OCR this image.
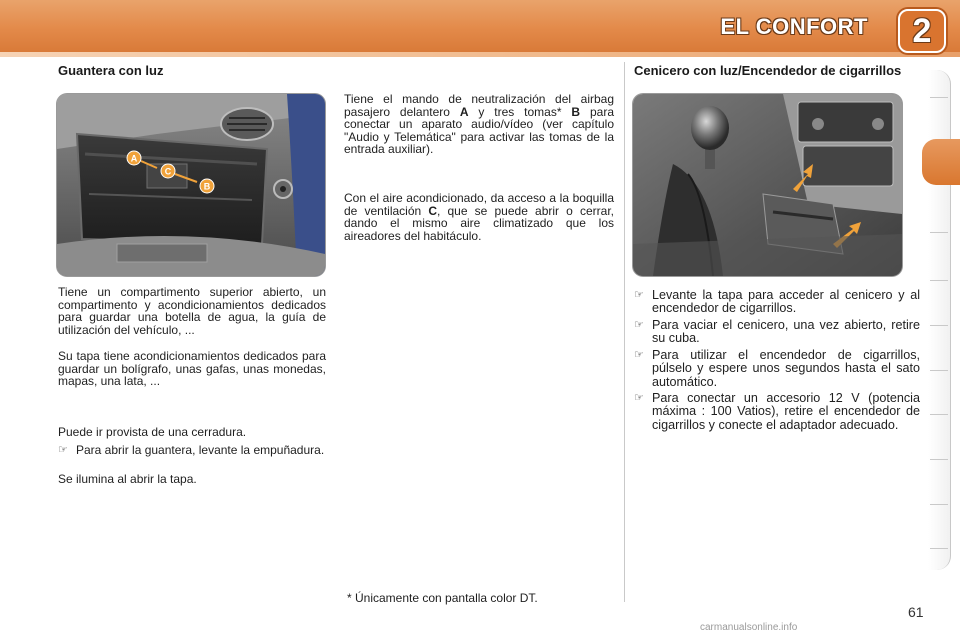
EL CONFORT	2
Guantera con luz
A
C
B

Tiene un compartimento superior abierto, un compartimento y acondicionamientos dedicados para guardar una botella de agua, la guía de utilización del vehículo, ...

Su tapa tiene acondicionamientos dedicados para guardar un bolígrafo, unas gafas, unas monedas, mapas, una lata, ...

Puede ir provista de una cerradura.

☞ Para abrir la guantera, levante la empuñadura.

Se ilumina al abrir la tapa.

Tiene el mando de neutralización del airbag pasajero delantero A y tres tomas* B para conectar un aparato audio/vídeo (ver capítulo "Audio y Telemática" para activar las tomas de la entrada auxiliar).

Con el aire acondicionado, da acceso a la boquilla de ventilación C, que se puede abrir o cerrar, dando el mismo aire climatizado que los aireadores del habitáculo.

* Únicamente con pantalla color DT.

Cenicero con luz/Encendedor de cigarrillos
☞ Levante la tapa para acceder al cenicero y al encendedor de cigarrillos.
☞ Para vaciar el cenicero, una vez abierto, retire su cuba.
☞ Para utilizar el encendedor de cigarrillos, púlselo y espere unos segundos hasta el sato automático.
☞ Para conectar un accesorio 12 V (potencia máxima : 100 Vatios), retire el encendedor de cigarrillos y conecte el adaptador adecuado.
61
carmanualsonline.info
